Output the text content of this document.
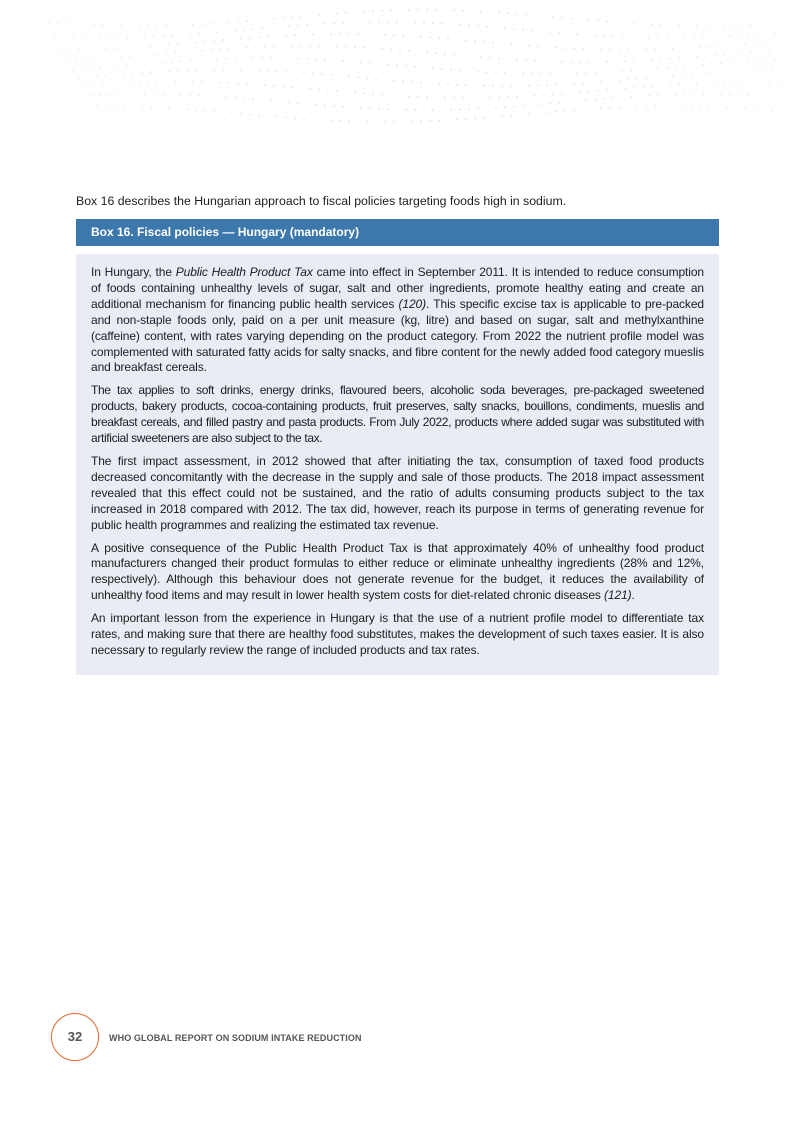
Box 16 describes the Hungarian approach to fiscal policies targeting foods high in sodium.
Box 16. Fiscal policies — Hungary (mandatory)

In Hungary, the Public Health Product Tax came into effect in September 2011. It is intended to reduce consumption of foods containing unhealthy levels of sugar, salt and other ingredients, promote healthy eating and create an additional mechanism for financing public health services (120). This specific excise tax is applicable to pre-packed and non-staple foods only, paid on a per unit measure (kg, litre) and based on sugar, salt and methylxanthine (caffeine) content, with rates varying depending on the product category. From 2022 the nutrient profile model was complemented with saturated fatty acids for salty snacks, and fibre content for the newly added food category mueslis and breakfast cereals.

The tax applies to soft drinks, energy drinks, flavoured beers, alcoholic soda beverages, pre-packaged sweetened products, bakery products, cocoa-containing products, fruit preserves, salty snacks, bouillons, condiments, mueslis and breakfast cereals, and filled pastry and pasta products. From July 2022, products where added sugar was substituted with artificial sweeteners are also subject to the tax.

The first impact assessment, in 2012 showed that after initiating the tax, consumption of taxed food products decreased concomitantly with the decrease in the supply and sale of those products. The 2018 impact assessment revealed that this effect could not be sustained, and the ratio of adults consuming products subject to the tax increased in 2018 compared with 2012. The tax did, however, reach its purpose in terms of generating revenue for public health programmes and realizing the estimated tax revenue.

A positive consequence of the Public Health Product Tax is that approximately 40% of unhealthy food product manufacturers changed their product formulas to either reduce or eliminate unhealthy ingredients (28% and 12%, respectively). Although this behaviour does not generate revenue for the budget, it reduces the availability of unhealthy food items and may result in lower health system costs for diet-related chronic diseases (121).

An important lesson from the experience in Hungary is that the use of a nutrient profile model to differentiate tax rates, and making sure that there are healthy food substitutes, makes the development of such taxes easier. It is also necessary to regularly review the range of included products and tax rates.

32	WHO GLOBAL REPORT ON SODIUM INTAKE REDUCTION
